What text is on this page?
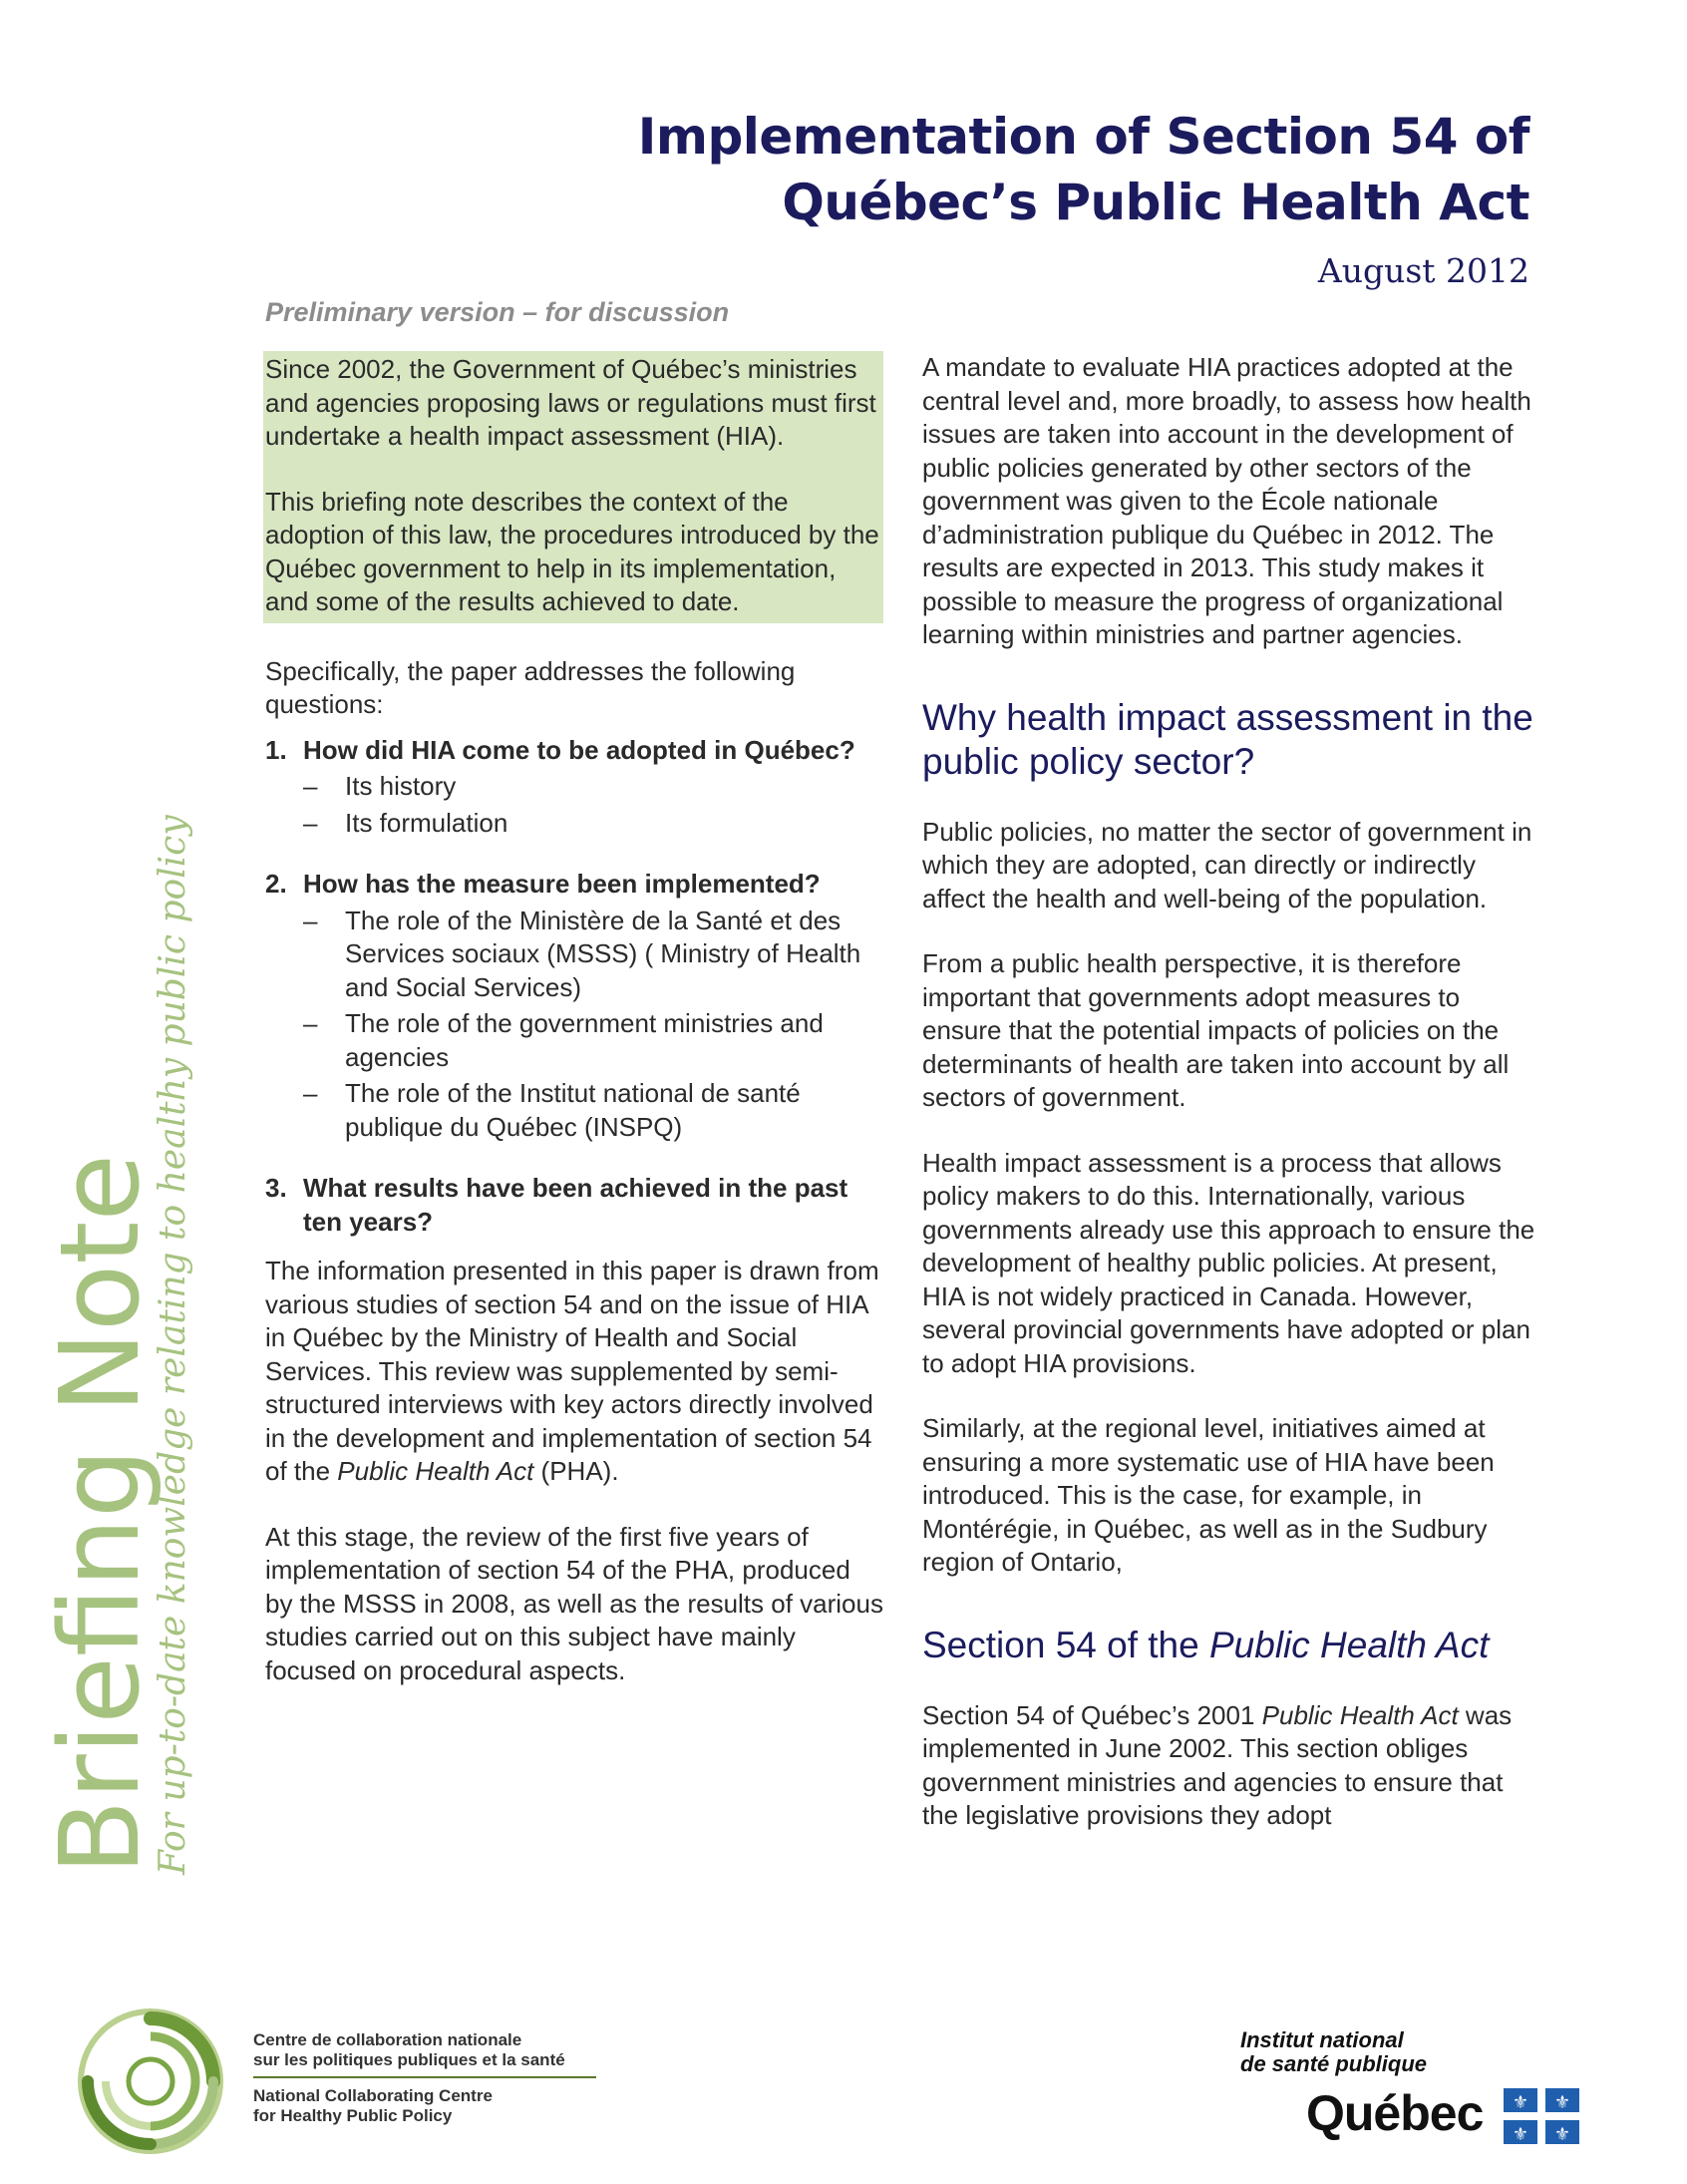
Implementation of Section 54 of
Québec’s Public Health Act
August 2012
Preliminary version – for discussion
Briefing Note
For up-to-date knowledge relating to healthy public policy

Since 2002, the Government of Québec’s ministries and agencies proposing laws or regulations must first undertake a health impact assessment (HIA).

This briefing note describes the context of the adoption of this law, the procedures introduced by the Québec government to help in its implementation, and some of the results achieved to date.

Specifically, the paper addresses the following questions:

1. How did HIA come to be adopted in Québec?
–	Its history
–	Its formulation
2. How has the measure been implemented?
–	The role of the Ministère de la Santé et des Services sociaux (MSSS) ( Ministry of Health and Social Services)
–	The role of the government ministries and agencies
–	The role of the Institut national de santé publique du Québec (INSPQ)
3. What results have been achieved in the past ten years?

The information presented in this paper is drawn from various studies of section 54 and on the issue of HIA in Québec by the Ministry of Health and Social Services. This review was supplemented by semi-structured interviews with key actors directly involved in the development and implementation of section 54 of the Public Health Act (PHA).

At this stage, the review of the first five years of implementation of section 54 of the PHA, produced by the MSSS in 2008, as well as the results of various studies carried out on this subject have mainly focused on procedural aspects.

A mandate to evaluate HIA practices adopted at the central level and, more broadly, to assess how health issues are taken into account in the development of public policies generated by other sectors of the government was given to the École nationale d’administration publique du Québec in 2012. The results are expected in 2013. This study makes it possible to measure the progress of organizational learning within ministries and partner agencies.

Why health impact assessment in the public policy sector?

Public policies, no matter the sector of government in which they are adopted, can directly or indirectly affect the health and well-being of the population.

From a public health perspective, it is therefore important that governments adopt measures to ensure that the potential impacts of policies on the determinants of health are taken into account by all sectors of government.

Health impact assessment is a process that allows policy makers to do this. Internationally, various governments already use this approach to ensure the development of healthy public policies. At present, HIA is not widely practiced in Canada. However, several provincial governments have adopted or plan to adopt HIA provisions.

Similarly, at the regional level, initiatives aimed at ensuring a more systematic use of HIA have been introduced. This is the case, for example, in Montérégie, in Québec, as well as in the Sudbury region of Ontario,

Section 54 of the Public Health Act

Section 54 of Québec’s 2001 Public Health Act was implemented in June 2002. This section obliges government ministries and agencies to ensure that the legislative provisions they adopt

Centre de collaboration nationale
sur les politiques publiques et la santé
National Collaborating Centre
for Healthy Public Policy
Institut national
de santé publique
Québec ⚜ ⚜
⚜ ⚜
